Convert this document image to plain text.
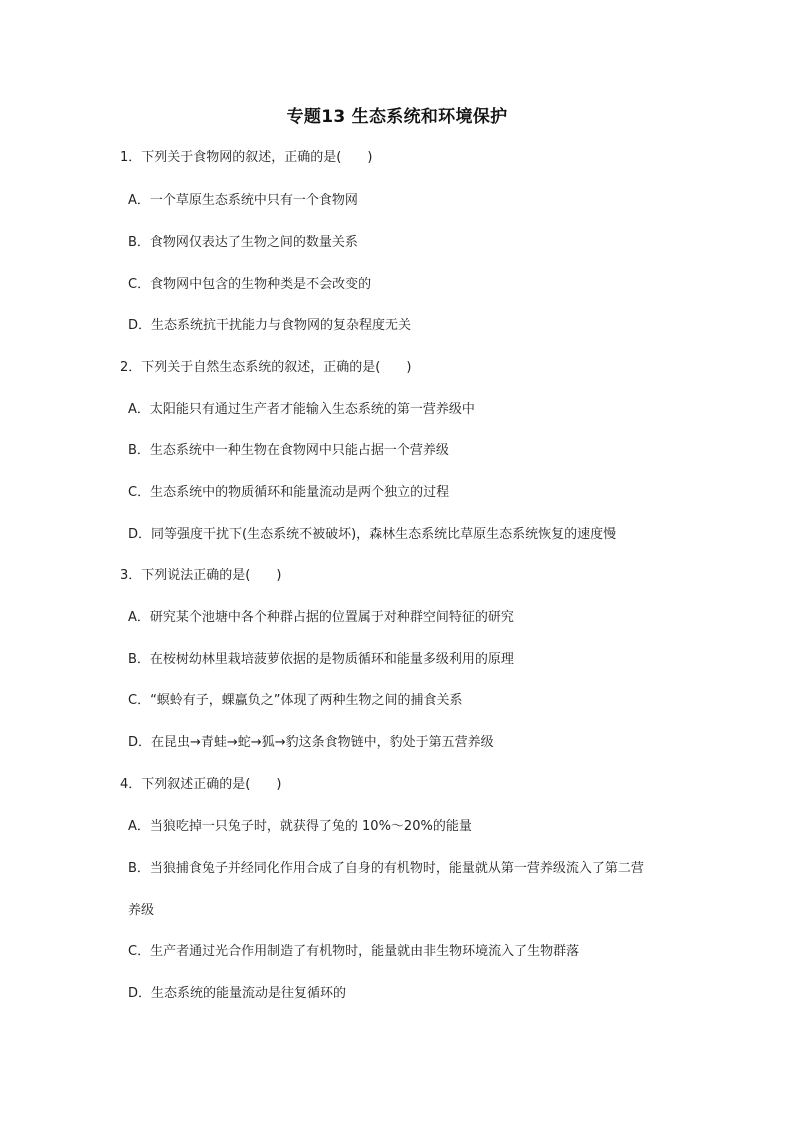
专题13 生态系统和环境保护
1．下列关于食物网的叙述，正确的是(　　)
A．一个草原生态系统中只有一个食物网
B．食物网仅表达了生物之间的数量关系
C．食物网中包含的生物种类是不会改变的
D．生态系统抗干扰能力与食物网的复杂程度无关
2．下列关于自然生态系统的叙述，正确的是(　　)
A．太阳能只有通过生产者才能输入生态系统的第一营养级中
B．生态系统中一种生物在食物网中只能占据一个营养级
C．生态系统中的物质循环和能量流动是两个独立的过程
D．同等强度干扰下(生态系统不被破坏)，森林生态系统比草原生态系统恢复的速度慢
3．下列说法正确的是(　　)
A．研究某个池塘中各个种群占据的位置属于对种群空间特征的研究
B．在桉树幼林里栽培菠萝依据的是物质循环和能量多级利用的原理
C．“螟蛉有子，蜾蠃负之”体现了两种生物之间的捕食关系
D．在昆虫→青蛙→蛇→狐→豹这条食物链中，豹处于第五营养级
4．下列叙述正确的是(　　)
A．当狼吃掉一只兔子时，就获得了兔的 10%～20%的能量
B．当狼捕食兔子并经同化作用合成了自身的有机物时，能量就从第一营养级流入了第二营
养级
C．生产者通过光合作用制造了有机物时，能量就由非生物环境流入了生物群落
D．生态系统的能量流动是往复循环的
